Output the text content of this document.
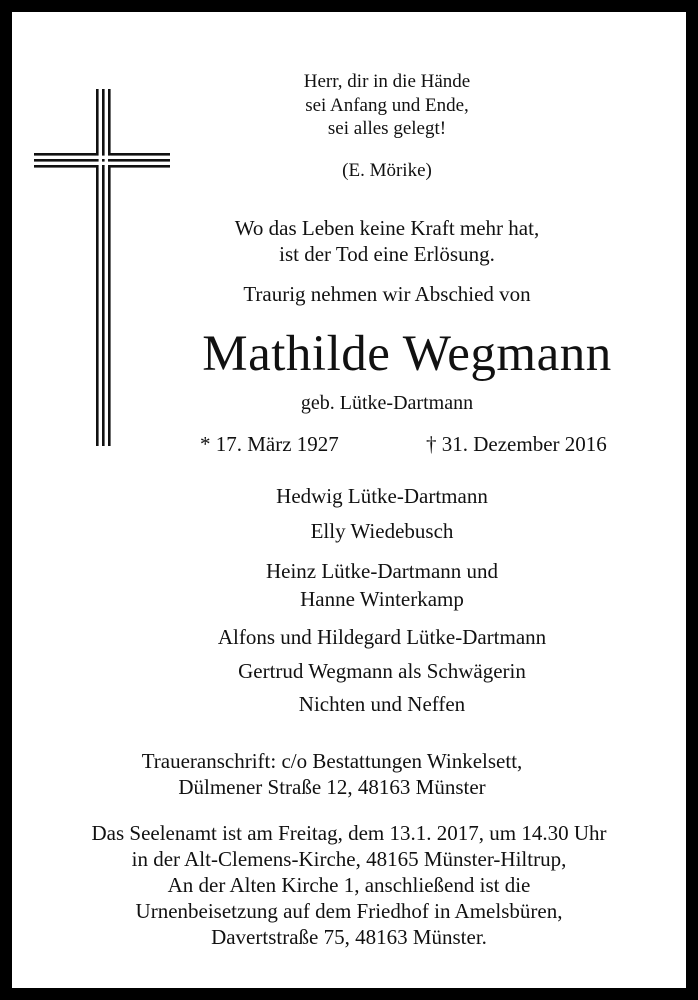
Herr, dir in die Hände
sei Anfang und Ende,
sei alles gelegt!
(E. Mörike)
Wo das Leben keine Kraft mehr hat,
ist der Tod eine Erlösung.
Traurig nehmen wir Abschied von
Mathilde Wegmann
geb. Lütke-Dartmann
* 17. März 1927	† 31. Dezember 2016
Hedwig Lütke-Dartmann
Elly Wiedebusch
Heinz Lütke-Dartmann und
Hanne Winterkamp
Alfons und Hildegard Lütke-Dartmann
Gertrud Wegmann als Schwägerin
Nichten und Neffen
Traueranschrift: c/o Bestattungen Winkelsett,
Dülmener Straße 12, 48163 Münster
Das Seelenamt ist am Freitag, dem 13.1. 2017, um 14.30 Uhr
in der Alt-Clemens-Kirche, 48165 Münster-Hiltrup,
An der Alten Kirche 1, anschließend ist die
Urnenbeisetzung auf dem Friedhof in Amelsbüren,
Davertstraße 75, 48163 Münster.
